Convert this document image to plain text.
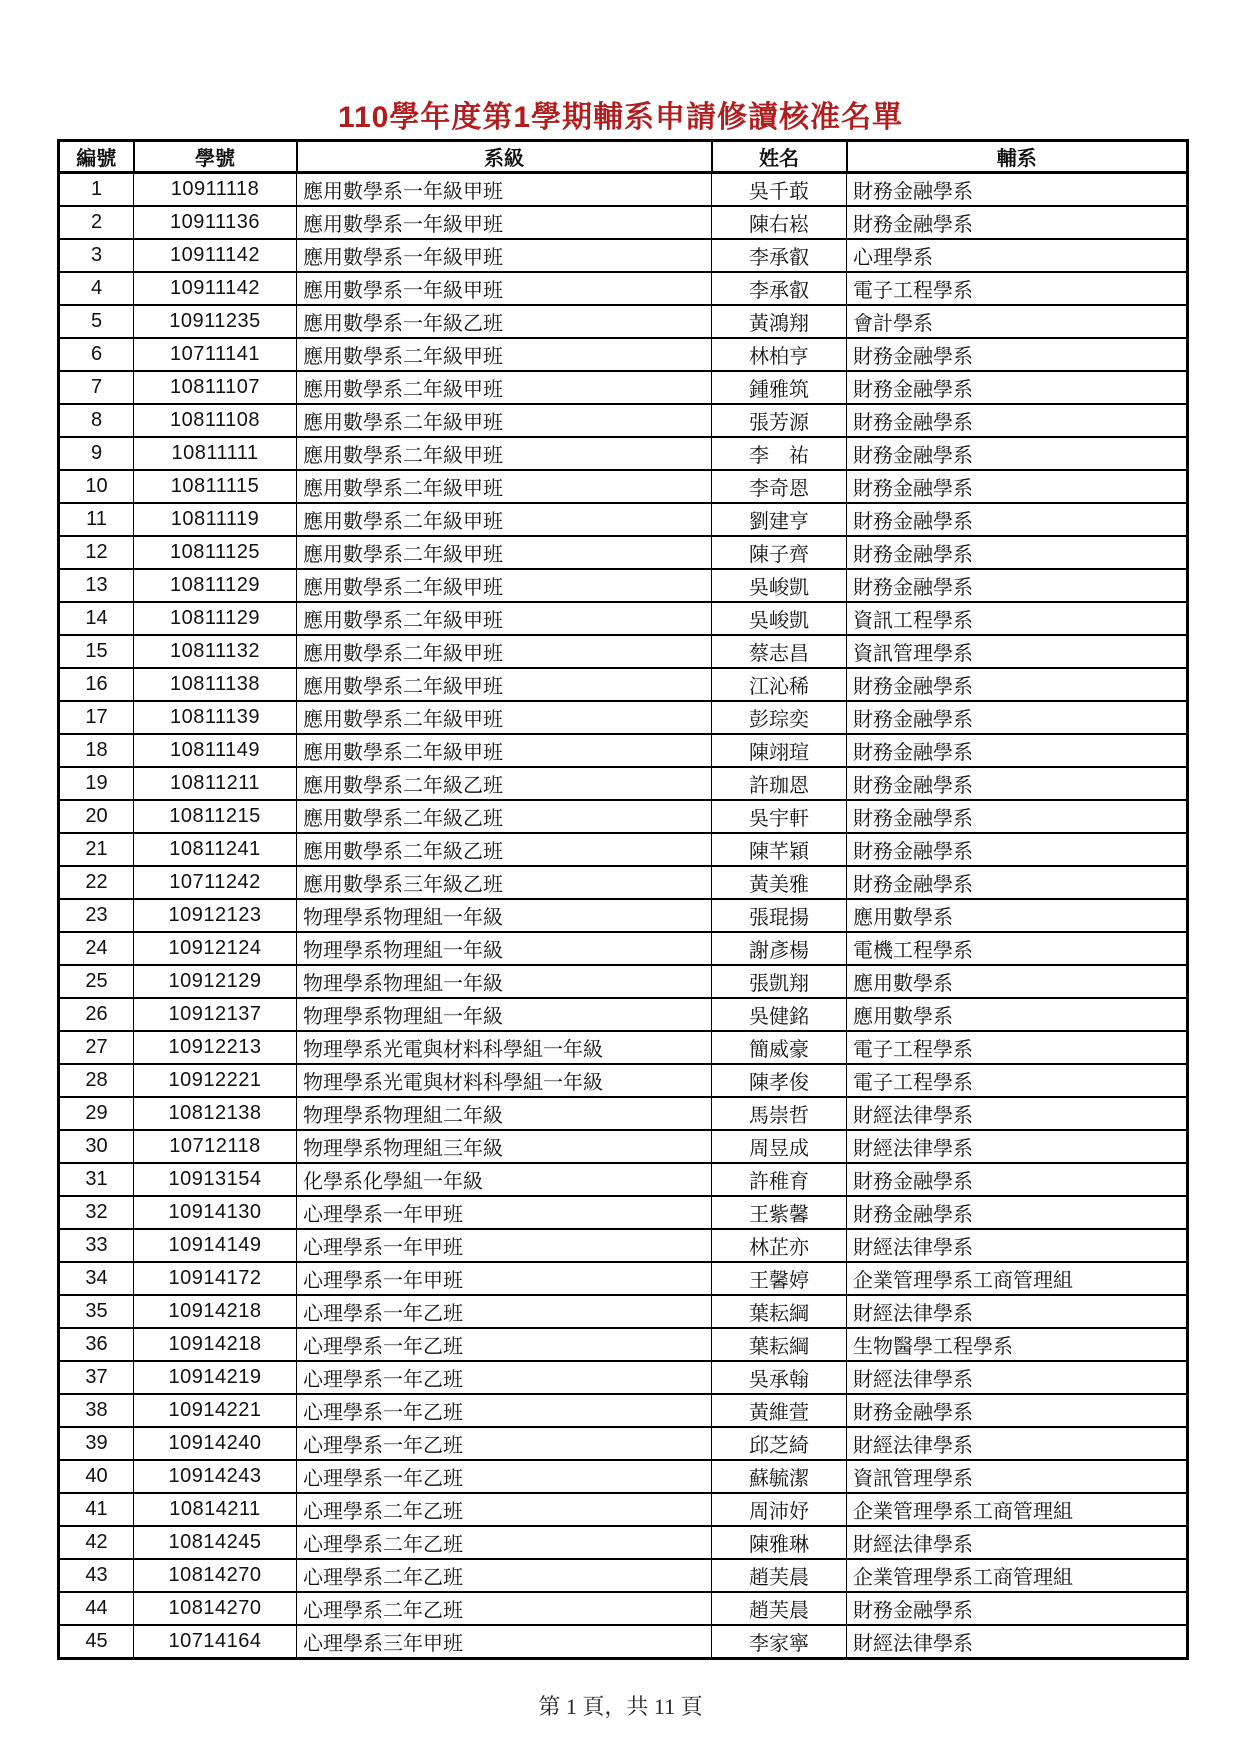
110學年度第1學期輔系申請修讀核准名單
編號	學號	系級	姓名	輔系
1	10911118	應用數學系一年級甲班	吳千菆	財務金融學系
2	10911136	應用數學系一年級甲班	陳右崧	財務金融學系
3	10911142	應用數學系一年級甲班	李承叡	心理學系
4	10911142	應用數學系一年級甲班	李承叡	電子工程學系
5	10911235	應用數學系一年級乙班	黃鴻翔	會計學系
6	10711141	應用數學系二年級甲班	林柏亨	財務金融學系
7	10811107	應用數學系二年級甲班	鍾雅筑	財務金融學系
8	10811108	應用數學系二年級甲班	張芳源	財務金融學系
9	10811111	應用數學系二年級甲班	李　祐	財務金融學系
10	10811115	應用數學系二年級甲班	李奇恩	財務金融學系
11	10811119	應用數學系二年級甲班	劉建亨	財務金融學系
12	10811125	應用數學系二年級甲班	陳子齊	財務金融學系
13	10811129	應用數學系二年級甲班	吳峻凱	財務金融學系
14	10811129	應用數學系二年級甲班	吳峻凱	資訊工程學系
15	10811132	應用數學系二年級甲班	蔡志昌	資訊管理學系
16	10811138	應用數學系二年級甲班	江沁稀	財務金融學系
17	10811139	應用數學系二年級甲班	彭琮奕	財務金融學系
18	10811149	應用數學系二年級甲班	陳翊瑄	財務金融學系
19	10811211	應用數學系二年級乙班	許珈恩	財務金融學系
20	10811215	應用數學系二年級乙班	吳宇軒	財務金融學系
21	10811241	應用數學系二年級乙班	陳芊穎	財務金融學系
22	10711242	應用數學系三年級乙班	黃美雅	財務金融學系
23	10912123	物理學系物理組一年級	張琨揚	應用數學系
24	10912124	物理學系物理組一年級	謝彥楊	電機工程學系
25	10912129	物理學系物理組一年級	張凱翔	應用數學系
26	10912137	物理學系物理組一年級	吳健銘	應用數學系
27	10912213	物理學系光電與材料科學組一年級	簡威豪	電子工程學系
28	10912221	物理學系光電與材料科學組一年級	陳孝俊	電子工程學系
29	10812138	物理學系物理組二年級	馬崇哲	財經法律學系
30	10712118	物理學系物理組三年級	周昱成	財經法律學系
31	10913154	化學系化學組一年級	許稚育	財務金融學系
32	10914130	心理學系一年甲班	王紫馨	財務金融學系
33	10914149	心理學系一年甲班	林芷亦	財經法律學系
34	10914172	心理學系一年甲班	王馨婷	企業管理學系工商管理組
35	10914218	心理學系一年乙班	葉耘綱	財經法律學系
36	10914218	心理學系一年乙班	葉耘綱	生物醫學工程學系
37	10914219	心理學系一年乙班	吳承翰	財經法律學系
38	10914221	心理學系一年乙班	黃維萱	財務金融學系
39	10914240	心理學系一年乙班	邱芝綺	財經法律學系
40	10914243	心理學系一年乙班	蘇毓潔	資訊管理學系
41	10814211	心理學系二年乙班	周沛妤	企業管理學系工商管理組
42	10814245	心理學系二年乙班	陳雅琳	財經法律學系
43	10814270	心理學系二年乙班	趙芙晨	企業管理學系工商管理組
44	10814270	心理學系二年乙班	趙芙晨	財務金融學系
45	10714164	心理學系三年甲班	李家寧	財經法律學系
第 1 頁，共 11 頁
